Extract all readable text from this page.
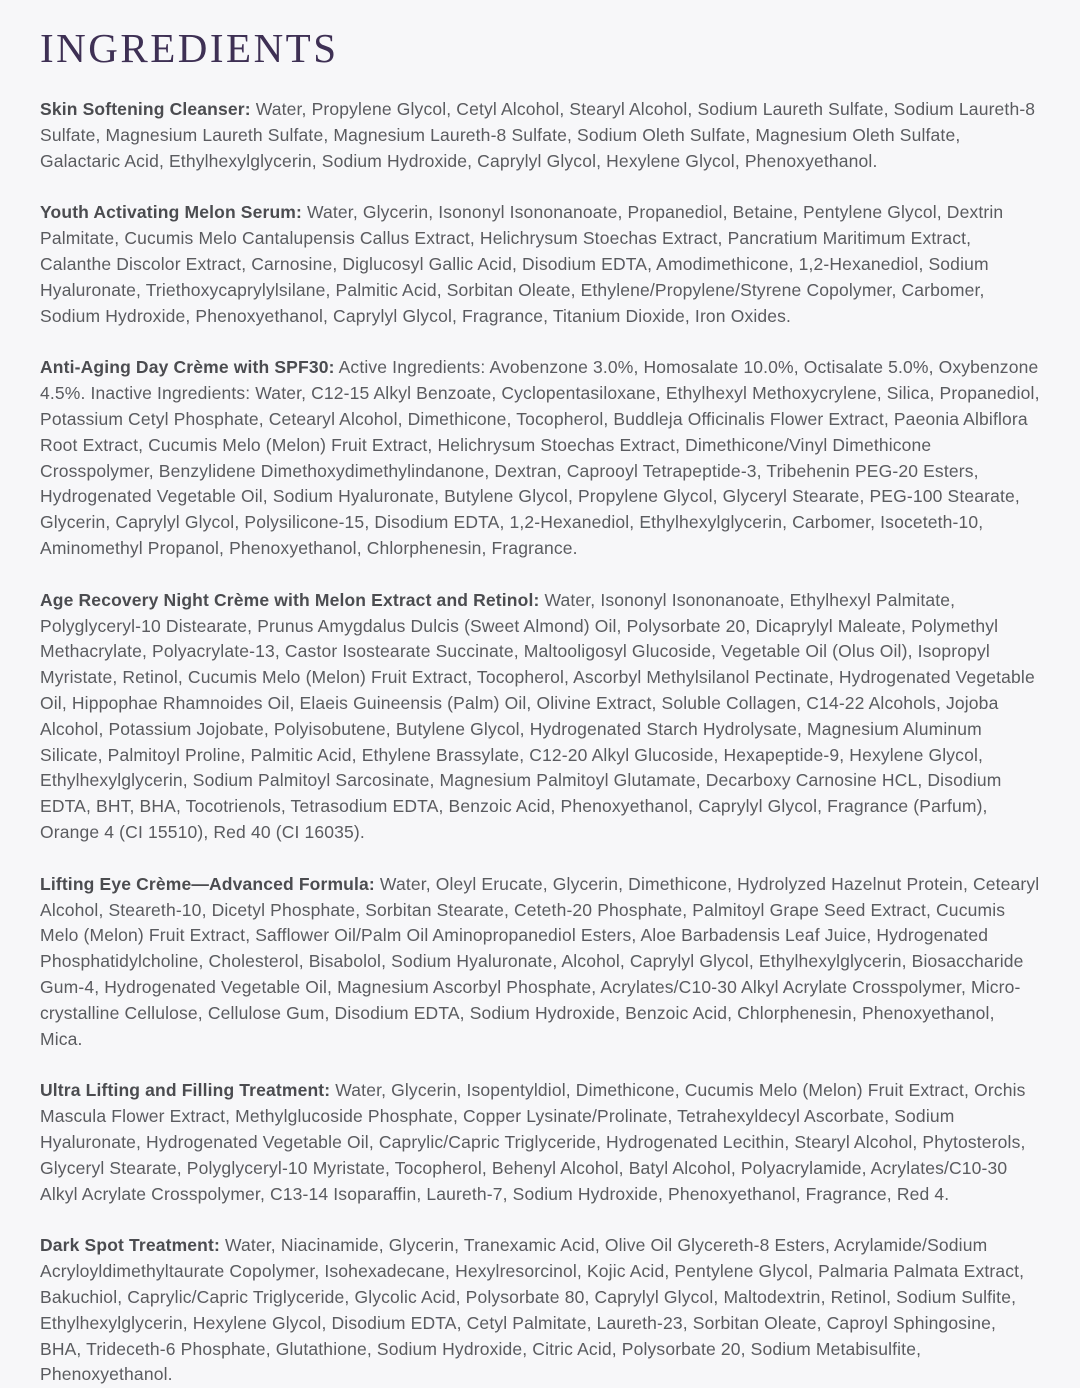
INGREDIENTS

Skin Softening Cleanser: Water, Propylene Glycol, Cetyl Alcohol, Stearyl Alcohol, Sodium Laureth Sulfate, Sodium Laureth-8 Sulfate, Magnesium Laureth Sulfate, Magnesium Laureth-8 Sulfate, Sodium Oleth Sulfate, Magnesium Oleth Sulfate, Galactaric Acid, Ethylhexylglycerin, Sodium Hydroxide, Caprylyl Glycol, Hexylene Glycol, Phenoxyethanol.

Youth Activating Melon Serum: Water, Glycerin, Isononyl Isononanoate, Propanediol, Betaine, Pentylene Glycol, Dextrin Palmitate, Cucumis Melo Cantalupensis Callus Extract, Helichrysum Stoechas Extract, Pancratium Maritimum Extract, Calanthe Discolor Extract, Carnosine, Diglucosyl Gallic Acid, Disodium EDTA, Amodimethicone, 1,2-Hexanediol, Sodium Hyaluronate, Triethoxycaprylylsilane, Palmitic Acid, Sorbitan Oleate, Ethylene/Propylene/Styrene Copolymer, Carbomer, Sodium Hydroxide, Phenoxyethanol, Caprylyl Glycol, Fragrance, Titanium Dioxide, Iron Oxides.

Anti-Aging Day Crème with SPF30: Active Ingredients: Avobenzone 3.0%, Homosalate 10.0%, Octisalate 5.0%, Oxybenzone 4.5%. Inactive Ingredients: Water, C12-15 Alkyl Benzoate, Cyclopentasiloxane, Ethylhexyl Methoxycrylene, Silica, Propanediol, Potassium Cetyl Phosphate, Cetearyl Alcohol, Dimethicone, Tocopherol, Buddleja Officinalis Flower Extract, Paeonia Albiflora Root Extract, Cucumis Melo (Melon) Fruit Extract, Helichrysum Stoechas Extract, Dimethicone/Vinyl Dimethicone Crosspolymer, Benzylidene Dimethoxydimethylindanone, Dextran, Caprooyl Tetrapeptide-3, Tribehenin PEG-20 Esters, Hydrogenated Vegetable Oil, Sodium Hyaluronate, Butylene Glycol, Propylene Glycol, Glyceryl Stearate, PEG-100 Stearate, Glycerin, Caprylyl Glycol, Polysilicone-15, Disodium EDTA, 1,2-Hexanediol, Ethylhexylglycerin, Carbomer, Isoceteth-10, Aminomethyl Propanol, Phenoxyethanol, Chlorphenesin, Fragrance.

Age Recovery Night Crème with Melon Extract and Retinol: Water, Isononyl Isononanoate, Ethylhexyl Palmitate, Polyglyceryl-10 Distearate, Prunus Amygdalus Dulcis (Sweet Almond) Oil, Polysorbate 20, Dicaprylyl Maleate, Polymethyl Methacrylate, Polyacrylate-13, Castor Isostearate Succinate, Maltooligosyl Glucoside, Vegetable Oil (Olus Oil), Isopropyl Myristate, Retinol, Cucumis Melo (Melon) Fruit Extract, Tocopherol, Ascorbyl Methylsilanol Pectinate, Hydrogenated Vegetable Oil, Hippophae Rhamnoides Oil, Elaeis Guineensis (Palm) Oil, Olivine Extract, Soluble Collagen, C14-22 Alcohols, Jojoba Alcohol, Potassium Jojobate, Polyisobutene, Butylene Glycol, Hydrogenated Starch Hydrolysate, Magnesium Aluminum Silicate, Palmitoyl Proline, Palmitic Acid, Ethylene Brassylate, C12-20 Alkyl Glucoside, Hexapeptide-9, Hexylene Glycol, Ethylhexylglycerin, Sodium Palmitoyl Sarcosinate, Magnesium Palmitoyl Glutamate, Decarboxy Carnosine HCL, Disodium EDTA, BHT, BHA, Tocotrienols, Tetrasodium EDTA, Benzoic Acid, Phenoxyethanol, Caprylyl Glycol, Fragrance (Parfum), Orange 4 (CI 15510), Red 40 (CI 16035).

Lifting Eye Crème—Advanced Formula: Water, Oleyl Erucate, Glycerin, Dimethicone, Hydrolyzed Hazelnut Protein, Cetearyl Alcohol, Steareth-10, Dicetyl Phosphate, Sorbitan Stearate, Ceteth-20 Phosphate, Palmitoyl Grape Seed Extract, Cucumis Melo (Melon) Fruit Extract, Safflower Oil/Palm Oil Aminopropanediol Esters, Aloe Barbadensis Leaf Juice, Hydrogenated Phosphatidylcholine, Cholesterol, Bisabolol, Sodium Hyaluronate, Alcohol, Caprylyl Glycol, Ethylhexylglycerin, Biosaccharide Gum-4, Hydrogenated Vegetable Oil, Magnesium Ascorbyl Phosphate, Acrylates/C10-30 Alkyl Acrylate Crosspolymer, Micro-crystalline Cellulose, Cellulose Gum, Disodium EDTA, Sodium Hydroxide, Benzoic Acid, Chlorphenesin, Phenoxyethanol, Mica.

Ultra Lifting and Filling Treatment: Water, Glycerin, Isopentyldiol, Dimethicone, Cucumis Melo (Melon) Fruit Extract, Orchis Mascula Flower Extract, Methylglucoside Phosphate, Copper Lysinate/Prolinate, Tetrahexyldecyl Ascorbate, Sodium Hyaluronate, Hydrogenated Vegetable Oil, Caprylic/Capric Triglyceride, Hydrogenated Lecithin, Stearyl Alcohol, Phytosterols, Glyceryl Stearate, Polyglyceryl-10 Myristate, Tocopherol, Behenyl Alcohol, Batyl Alcohol, Polyacrylamide, Acrylates/C10-30 Alkyl Acrylate Crosspolymer, C13-14 Isoparaffin, Laureth-7, Sodium Hydroxide, Phenoxyethanol, Fragrance, Red 4.

Dark Spot Treatment: Water, Niacinamide, Glycerin, Tranexamic Acid, Olive Oil Glycereth-8 Esters, Acrylamide/Sodium Acryloyldimethyltaurate Copolymer, Isohexadecane, Hexylresorcinol, Kojic Acid, Pentylene Glycol, Palmaria Palmata Extract, Bakuchiol, Caprylic/Capric Triglyceride, Glycolic Acid, Polysorbate 80, Caprylyl Glycol, Maltodextrin, Retinol, Sodium Sulfite, Ethylhexylglycerin, Hexylene Glycol, Disodium EDTA, Cetyl Palmitate, Laureth-23, Sorbitan Oleate, Caproyl Sphingosine, BHA, Trideceth-6 Phosphate, Glutathione, Sodium Hydroxide, Citric Acid, Polysorbate 20, Sodium Metabisulfite, Phenoxyethanol.
